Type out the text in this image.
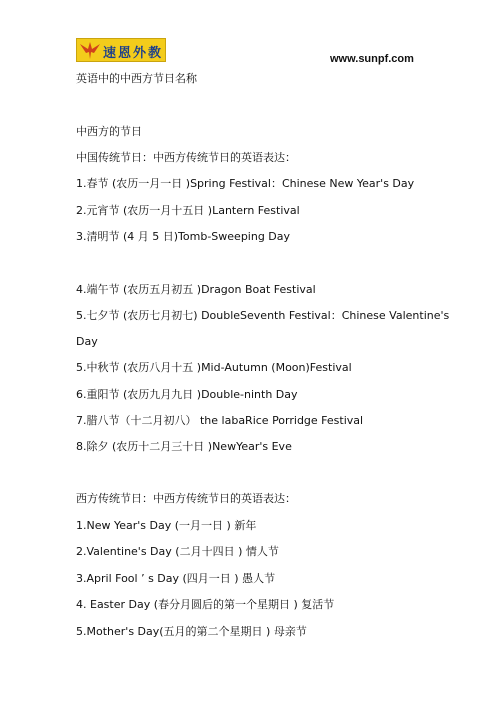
速恩外教	www.sunpf.com
英语中的中西方节日名称
中西方的节日
中国传统节日：中西方传统节日的英语表达：
1.春节 (农历一月一日 )Spring Festival：Chinese New Year's Day
2.元宵节 (农历一月十五日 )Lantern Festival
3.清明节 (4 月 5 日)Tomb-Sweeping Day
4.端午节 (农历五月初五 )Dragon Boat Festival
5.七夕节 (农历七月初七) DoubleSeventh Festival：Chinese Valentine's
Day
5.中秋节 (农历八月十五 )Mid-Autumn (Moon)Festival
6.重阳节 (农历九月九日 )Double-ninth Day
7.腊八节（十二月初八） the labaRice Porridge Festival
8.除夕 (农历十二月三十日 )NewYear's Eve
西方传统节日：中西方传统节日的英语表达：
1.New Year's Day (一月一日 ) 新年
2.Valentine's Day (二月十四日 ) 情人节
3.April Fool ’ s Day (四月一日 ) 愚人节
4. Easter Day (春分月圆后的第一个星期日 ) 复活节
5.Mother's Day(五月的第二个星期日 ) 母亲节
